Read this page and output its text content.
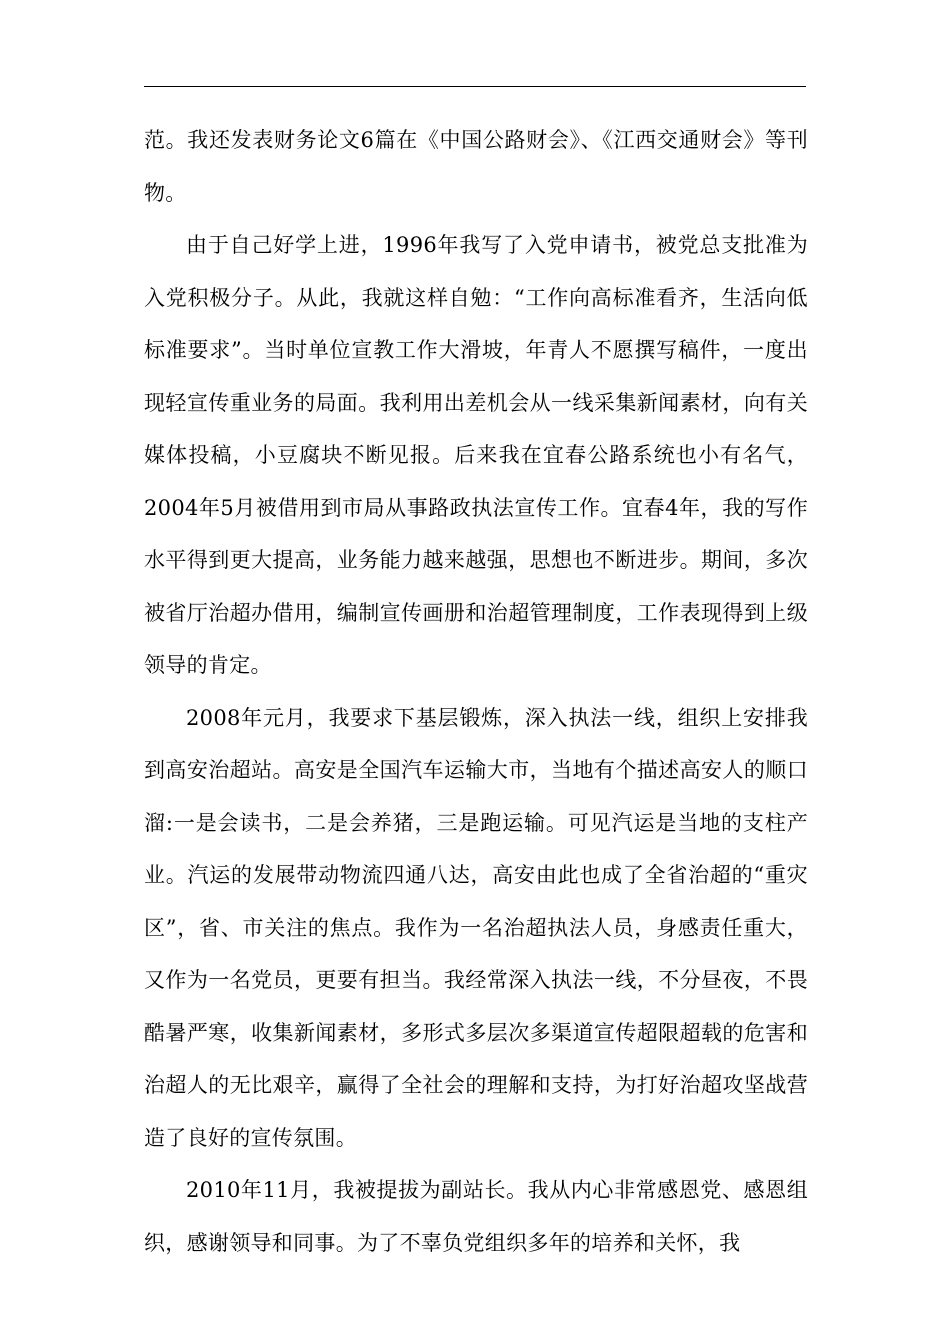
范。我还发表财务论文6篇在《中国公路财会》、《江西交通财会》等刊物。

由于自己好学上进，1996年我写了入党申请书，被党总支批准为入党积极分子。从此，我就这样自勉：“工作向高标准看齐，生活向低标准要求”。当时单位宣教工作大滑坡，年青人不愿撰写稿件，一度出现轻宣传重业务的局面。我利用出差机会从一线采集新闻素材，向有关媒体投稿，小豆腐块不断见报。后来我在宜春公路系统也小有名气，2004年5月被借用到市局从事路政执法宣传工作。宜春4年，我的写作水平得到更大提高，业务能力越来越强，思想也不断进步。期间，多次被省厅治超办借用，编制宣传画册和治超管理制度，工作表现得到上级领导的肯定。

2008年元月，我要求下基层锻炼，深入执法一线，组织上安排我到高安治超站。高安是全国汽车运输大市，当地有个描述高安人的顺口溜:一是会读书，二是会养猪，三是跑运输。可见汽运是当地的支柱产业。汽运的发展带动物流四通八达，高安由此也成了全省治超的“重灾区”，省、市关注的焦点。我作为一名治超执法人员，身感责任重大，又作为一名党员，更要有担当。我经常深入执法一线，不分昼夜，不畏酷暑严寒，收集新闻素材，多形式多层次多渠道宣传超限超载的危害和治超人的无比艰辛，赢得了全社会的理解和支持，为打好治超攻坚战营造了良好的宣传氛围。

2010年11月，我被提拔为副站长。我从内心非常感恩党、感恩组织，感谢领导和同事。为了不辜负党组织多年的培养和关怀，我
